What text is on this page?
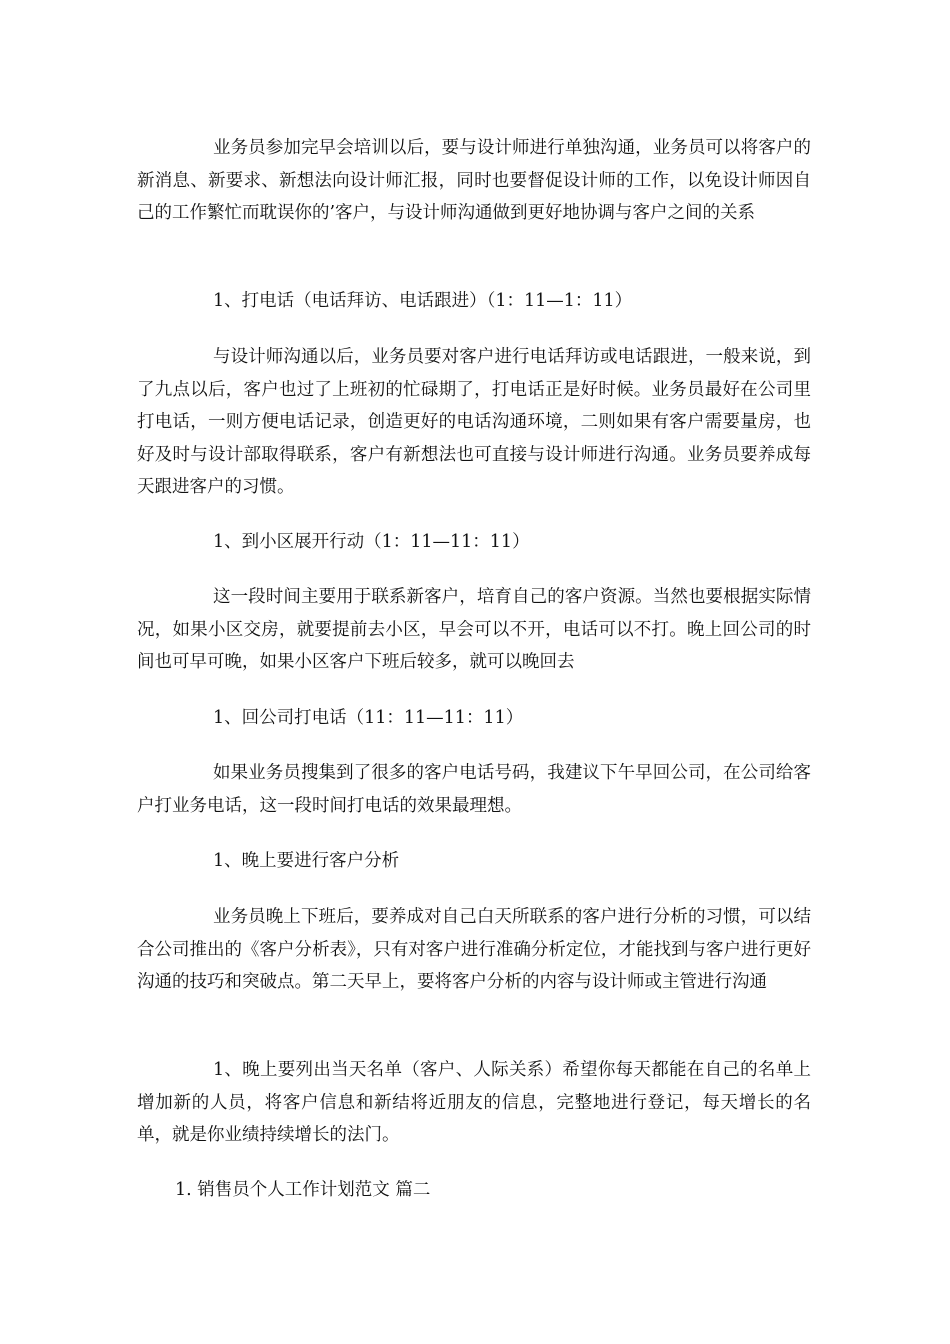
业务员参加完早会培训以后，要与设计师进行单独沟通，业务员可以将客户的新消息、新要求、新想法向设计师汇报，同时也要督促设计师的工作，以免设计师因自己的工作繁忙而耽误你的’客户，与设计师沟通做到更好地协调与客户之间的关系

1、打电话（电话拜访、电话跟进）（1：11—1：11）

与设计师沟通以后，业务员要对客户进行电话拜访或电话跟进，一般来说，到了九点以后，客户也过了上班初的忙碌期了，打电话正是好时候。业务员最好在公司里打电话，一则方便电话记录，创造更好的电话沟通环境，二则如果有客户需要量房，也好及时与设计部取得联系，客户有新想法也可直接与设计师进行沟通。业务员要养成每天跟进客户的习惯。

1、到小区展开行动（1：11—11：11）

这一段时间主要用于联系新客户，培育自己的客户资源。当然也要根据实际情况，如果小区交房，就要提前去小区，早会可以不开，电话可以不打。晚上回公司的时间也可早可晚，如果小区客户下班后较多，就可以晚回去

1、回公司打电话（11：11—11：11）

如果业务员搜集到了很多的客户电话号码，我建议下午早回公司，在公司给客户打业务电话，这一段时间打电话的效果最理想。

1、晚上要进行客户分析

业务员晚上下班后，要养成对自己白天所联系的客户进行分析的习惯，可以结合公司推出的《客户分析表》，只有对客户进行准确分析定位，才能找到与客户进行更好沟通的技巧和突破点。第二天早上，要将客户分析的内容与设计师或主管进行沟通

1、晚上要列出当天名单（客户、人际关系）希望你每天都能在自己的名单上增加新的人员，将客户信息和新结将近朋友的信息，完整地进行登记，每天增长的名单，就是你业绩持续增长的法门。

1. 销售员个人工作计划范文 篇二
